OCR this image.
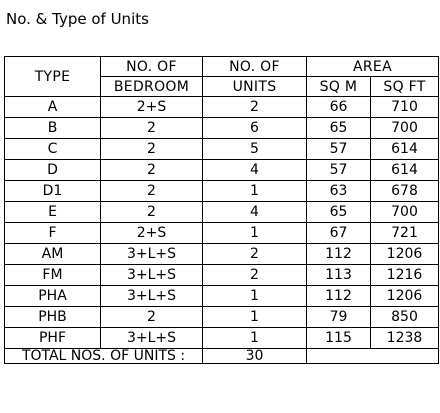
No. & Type of Units
TYPE	NO. OF	NO. OF	AREA	
	BEDROOM	UNITS	SQ M	SQ FT
A	2+S	2	66	710
B	2	6	65	700
C	2	5	57	614
D	2	4	57	614
D1	2	1	63	678
E	2	4	65	700
F	2+S	1	67	721
AM	3+L+S	2	112	1206
FM	3+L+S	2	113	1216
PHA	3+L+S	1	112	1206
PHB	2	1	79	850
PHF	3+L+S	1	115	1238
TOTAL NOS. OF UNITS :		30		
